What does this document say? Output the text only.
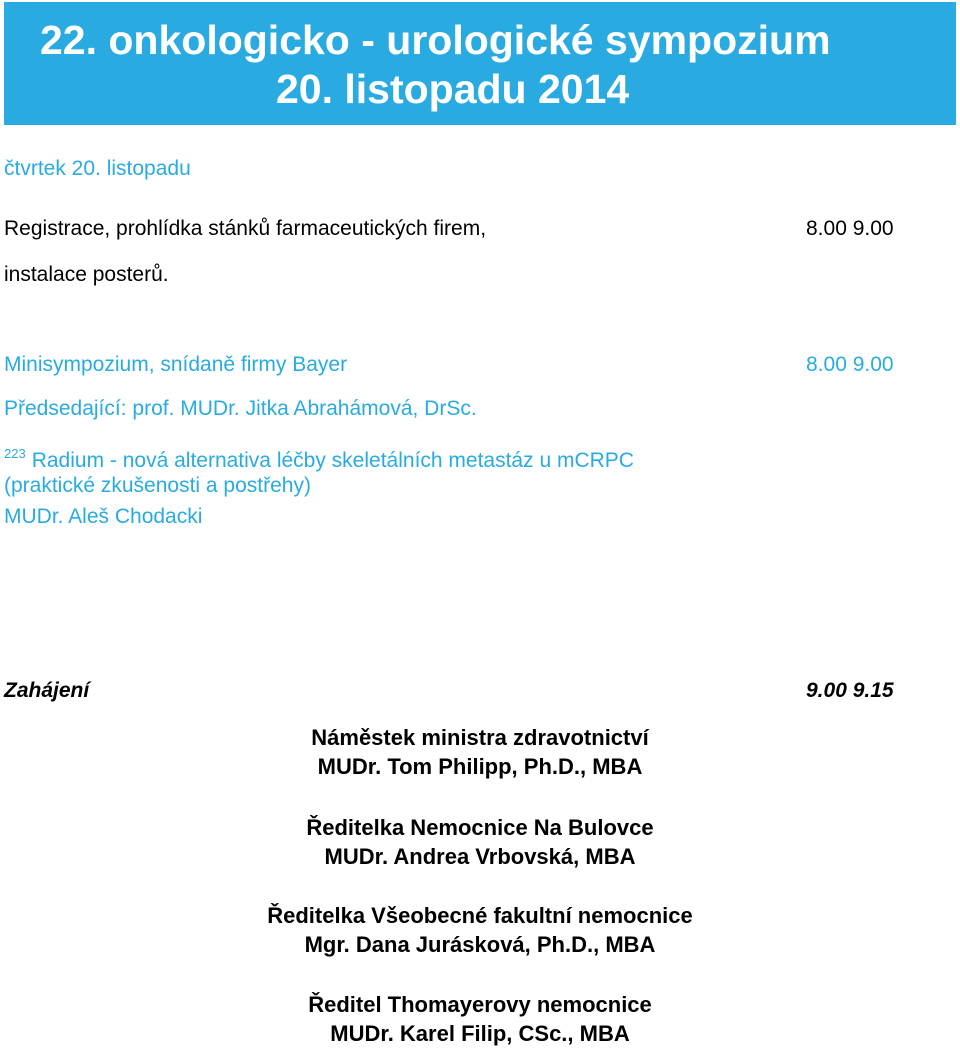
22. onkologicko - urologické sympozium
20. listopadu 2014
čtvrtek 20. listopadu
Registrace, prohlídka stánků farmaceutických firem,
instalace posterů.
8.00 9.00
Minisympozium, snídaně firmy Bayer	8.00 9.00
Předsedající: prof. MUDr. Jitka Abrahámová, DrSc.
$^{223}$ Radium - nová alternativa léčby skeletálních metastáz u mCRPC
(praktické zkušenosti a postřehy)
MUDr. Aleš Chodacki
Zahájení	9.00 9.15
Náměstek ministra zdravotnictví
MUDr. Tom Philipp, Ph.D., MBA
Ředitelka Nemocnice Na Bulovce
MUDr. Andrea Vrbovská, MBA
Ředitelka Všeobecné fakultní nemocnice
Mgr. Dana Jurásková, Ph.D., MBA
Ředitel Thomayerovy nemocnice
MUDr. Karel Filip, CSc., MBA
